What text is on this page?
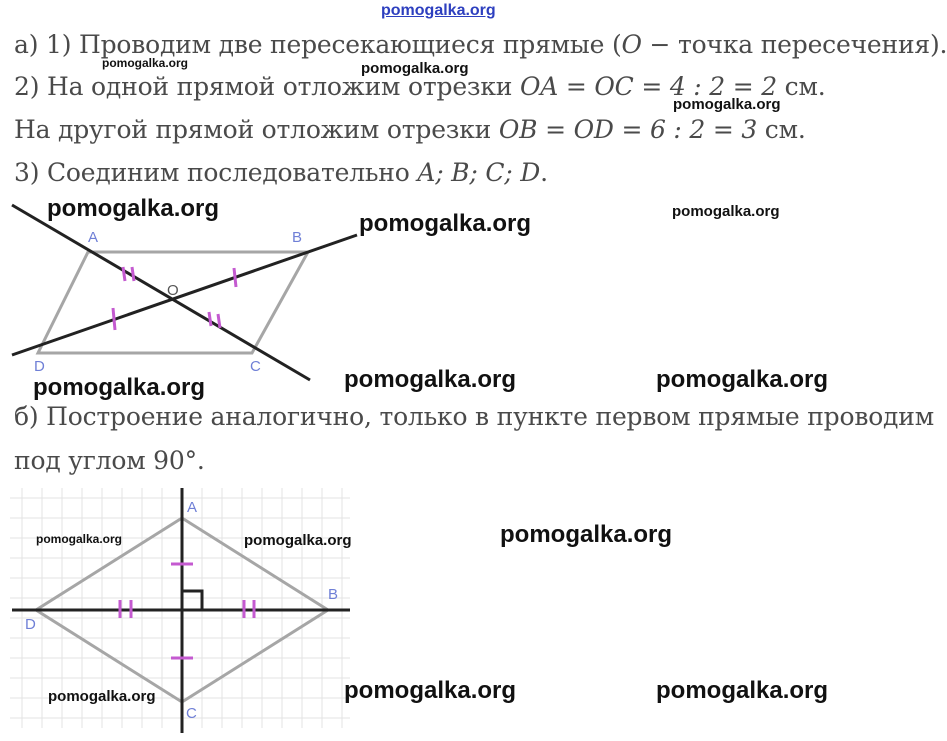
pomogalka.org
а) 1) Проводим две пересекающиеся прямые (O − точка пересечения).
2) На одной прямой отложим отрезки OA = OC = 4 : 2 = 2 см.
На другой прямой отложим отрезки OB = OD = 6 : 2 = 3 см.
3) Соединим последовательно A; B; C; D.
A	B
C
D
O
б) Построение аналогично, только в пункте первом прямые проводим
под углом 90°.
A
B
C
D
pomogalka.org	pomogalka.org
pomogalka.org
pomogalka.org
pomogalka.org	pomogalka.org
pomogalka.org	pomogalka.org	pomogalka.org
pomogalka.org	pomogalka.org	pomogalka.org
pomogalka.org	pomogalka.org	pomogalka.org
